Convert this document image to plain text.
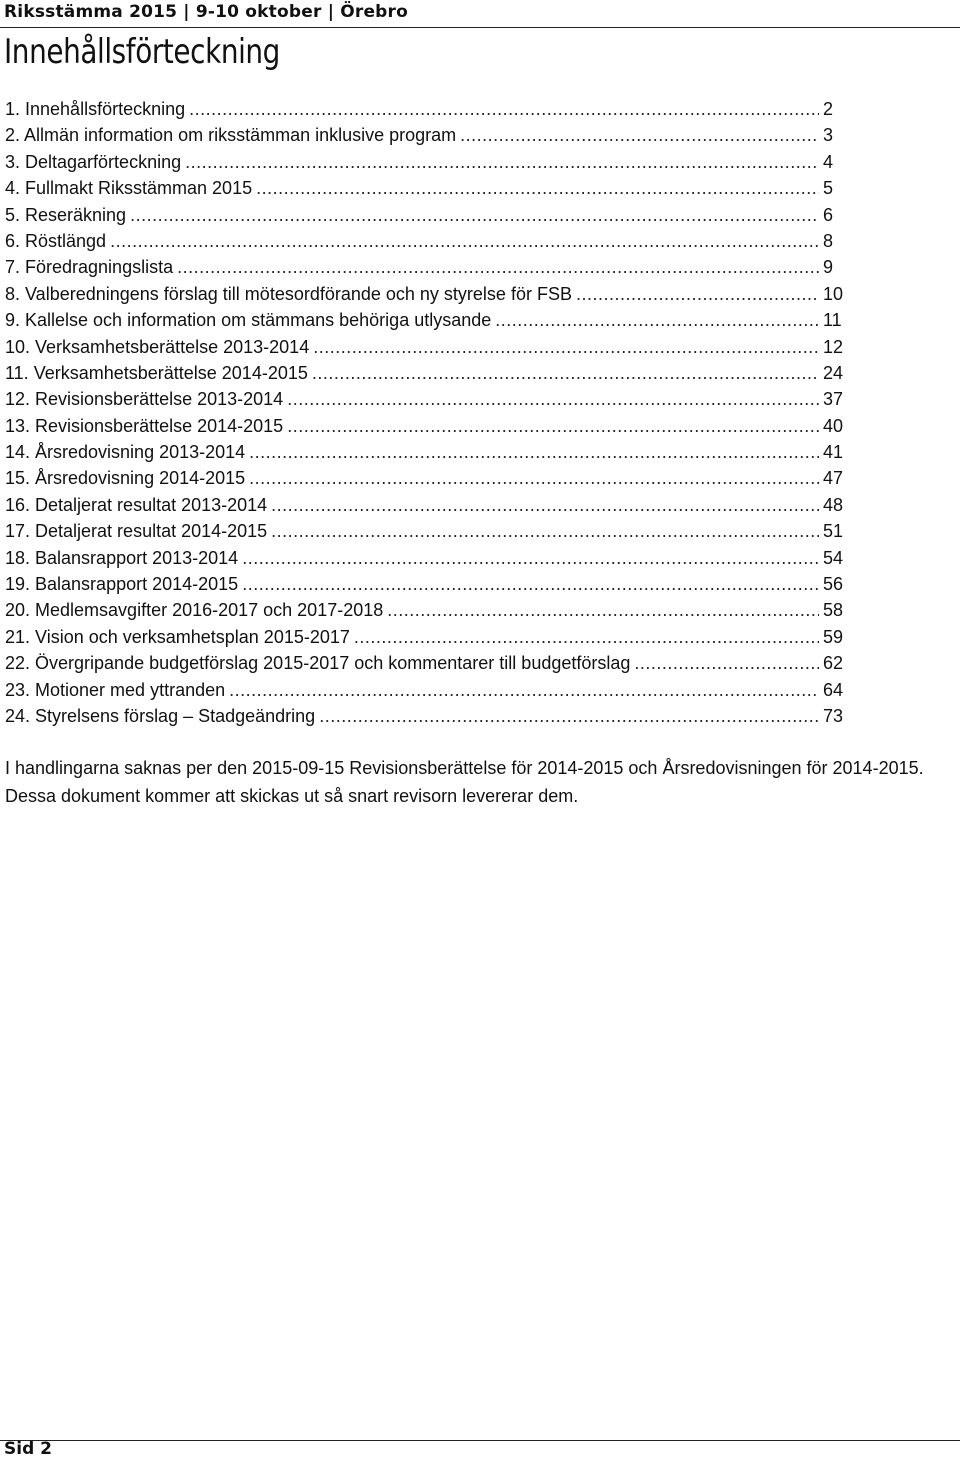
Riksstämma 2015 | 9-10 oktober | Örebro
Innehållsförteckning
1. Innehållsförteckning .....	2
2. Allmän information om riksstämman inklusive program .....	3
3. Deltagarförteckning .....	4
4. Fullmakt Riksstämman 2015 .....	5
5. Reseräkning .....	6
6. Röstlängd .....	8
7. Föredragningslista .....	9
8. Valberedningens förslag till mötesordförande och ny styrelse för FSB .....	10
9. Kallelse och information om stämmans behöriga utlysande .....	11
10. Verksamhetsberättelse 2013-2014 .....	12
11. Verksamhetsberättelse 2014-2015 .....	24
12. Revisionsberättelse 2013-2014 .....	37
13. Revisionsberättelse 2014-2015 .....	40
14. Årsredovisning 2013-2014 .....	41
15. Årsredovisning 2014-2015 .....	47
16. Detaljerat resultat 2013-2014 .....	48
17. Detaljerat resultat 2014-2015 .....	51
18. Balansrapport 2013-2014 .....	54
19. Balansrapport 2014-2015 .....	56
20. Medlemsavgifter 2016-2017 och 2017-2018 .....	58
21. Vision och verksamhetsplan 2015-2017 .....	59
22. Övergripande budgetförslag 2015-2017 och kommentarer till budgetförslag .....	62
23. Motioner med yttranden .....	64
24. Styrelsens förslag – Stadgeändring .....	73

I handlingarna saknas per den 2015-09-15 Revisionsberättelse för 2014-2015 och Årsredovisningen för 2014-2015. Dessa dokument kommer att skickas ut så snart revisorn levererar dem.

Sid 2
